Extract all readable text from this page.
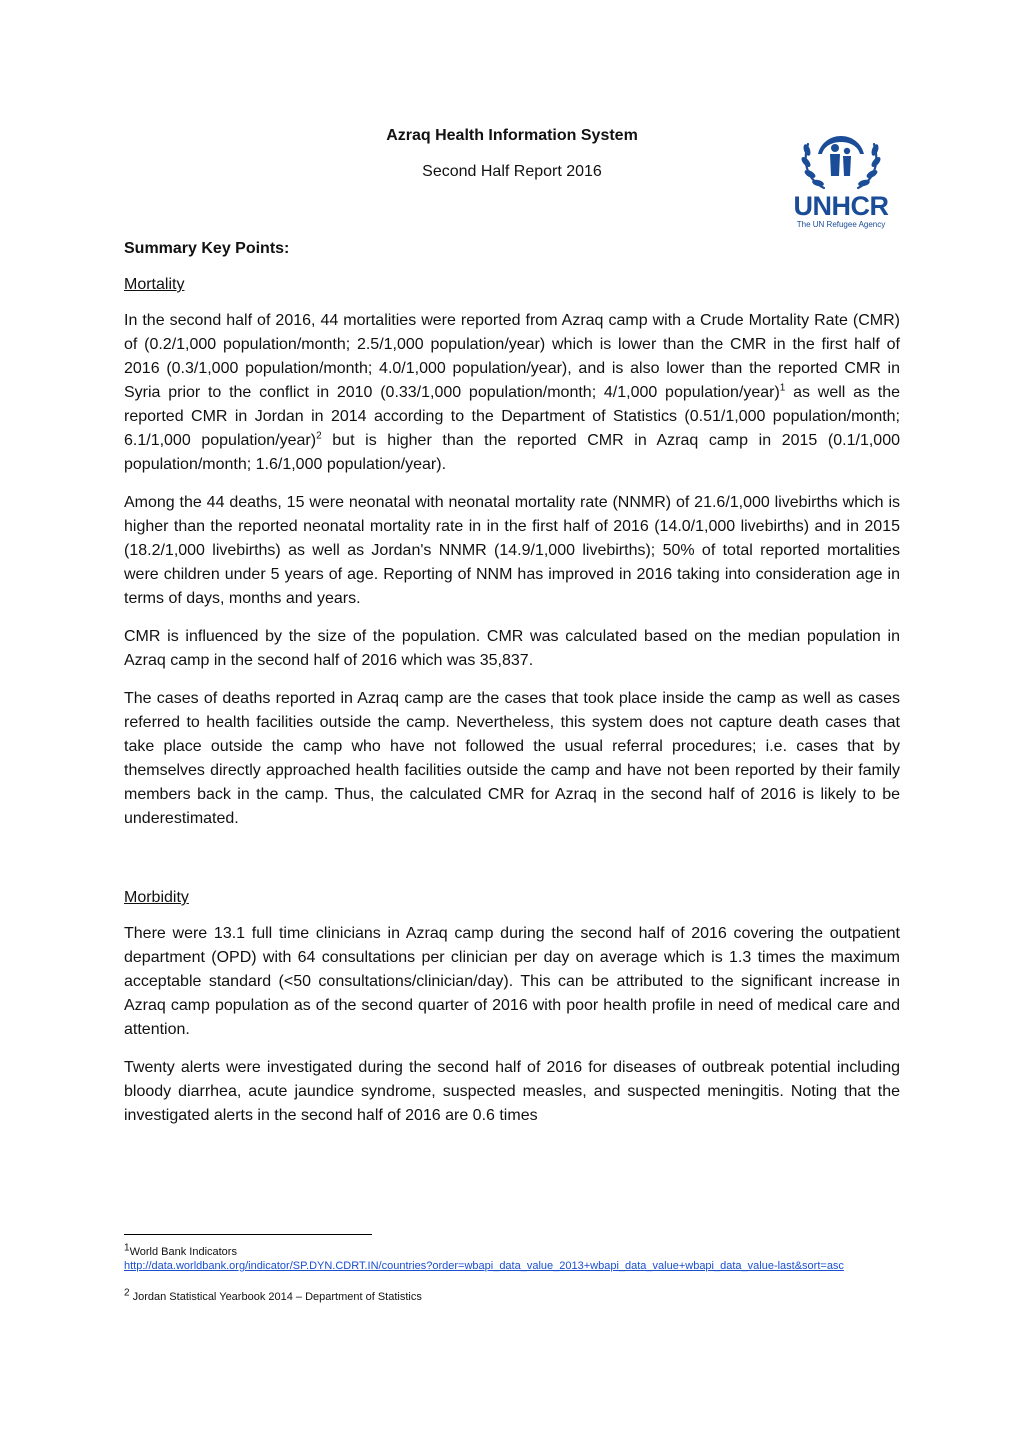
Azraq Health Information System
Second Half Report 2016
UNHCR
The UN Refugee Agency
Summary Key Points:
Mortality

In the second half of 2016, 44 mortalities were reported from Azraq camp with a Crude Mortality Rate (CMR) of (0.2/1,000 population/month; 2.5/1,000 population/year) which is lower than the CMR in the first half of 2016 (0.3/1,000 population/month; 4.0/1,000 population/year), and is also lower than the reported CMR in Syria prior to the conflict in 2010 (0.33/1,000 population/month; 4/1,000 population/year)$^1$ as well as the reported CMR in Jordan in 2014 according to the Department of Statistics (0.51/1,000 population/month; 6.1/1,000 population/year)$^2$ but is higher than the reported CMR in Azraq camp in 2015 (0.1/1,000 population/month; 1.6/1,000 population/year).

Among the 44 deaths, 15 were neonatal with neonatal mortality rate (NNMR) of 21.6/1,000 livebirths which is higher than the reported neonatal mortality rate in in the first half of 2016 (14.0/1,000 livebirths) and in 2015 (18.2/1,000 livebirths) as well as Jordan's NNMR (14.9/1,000 livebirths); 50% of total reported mortalities were children under 5 years of age. Reporting of NNM has improved in 2016 taking into consideration age in terms of days, months and years.

CMR is influenced by the size of the population. CMR was calculated based on the median population in Azraq camp in the second half of 2016 which was 35,837.

The cases of deaths reported in Azraq camp are the cases that took place inside the camp as well as cases referred to health facilities outside the camp. Nevertheless, this system does not capture death cases that take place outside the camp who have not followed the usual referral procedures; i.e. cases that by themselves directly approached health facilities outside the camp and have not been reported by their family members back in the camp. Thus, the calculated CMR for Azraq in the second half of 2016 is likely to be underestimated.

Morbidity

There were 13.1 full time clinicians in Azraq camp during the second half of 2016 covering the outpatient department (OPD) with 64 consultations per clinician per day on average which is 1.3 times the maximum acceptable standard (<50 consultations/clinician/day). This can be attributed to the significant increase in Azraq camp population as of the second quarter of 2016 with poor health profile in need of medical care and attention.

Twenty alerts were investigated during the second half of 2016 for diseases of outbreak potential including bloody diarrhea, acute jaundice syndrome, suspected measles, and suspected meningitis. Noting that the investigated alerts in the second half of 2016 are 0.6 times

$^1$World Bank Indicators
http://data.worldbank.org/indicator/SP.DYN.CDRT.IN/countries?order=wbapi_data_value_2013+wbapi_data_value+wbapi_data_value-last&sort=asc
$^2$ Jordan Statistical Yearbook 2014 – Department of Statistics
